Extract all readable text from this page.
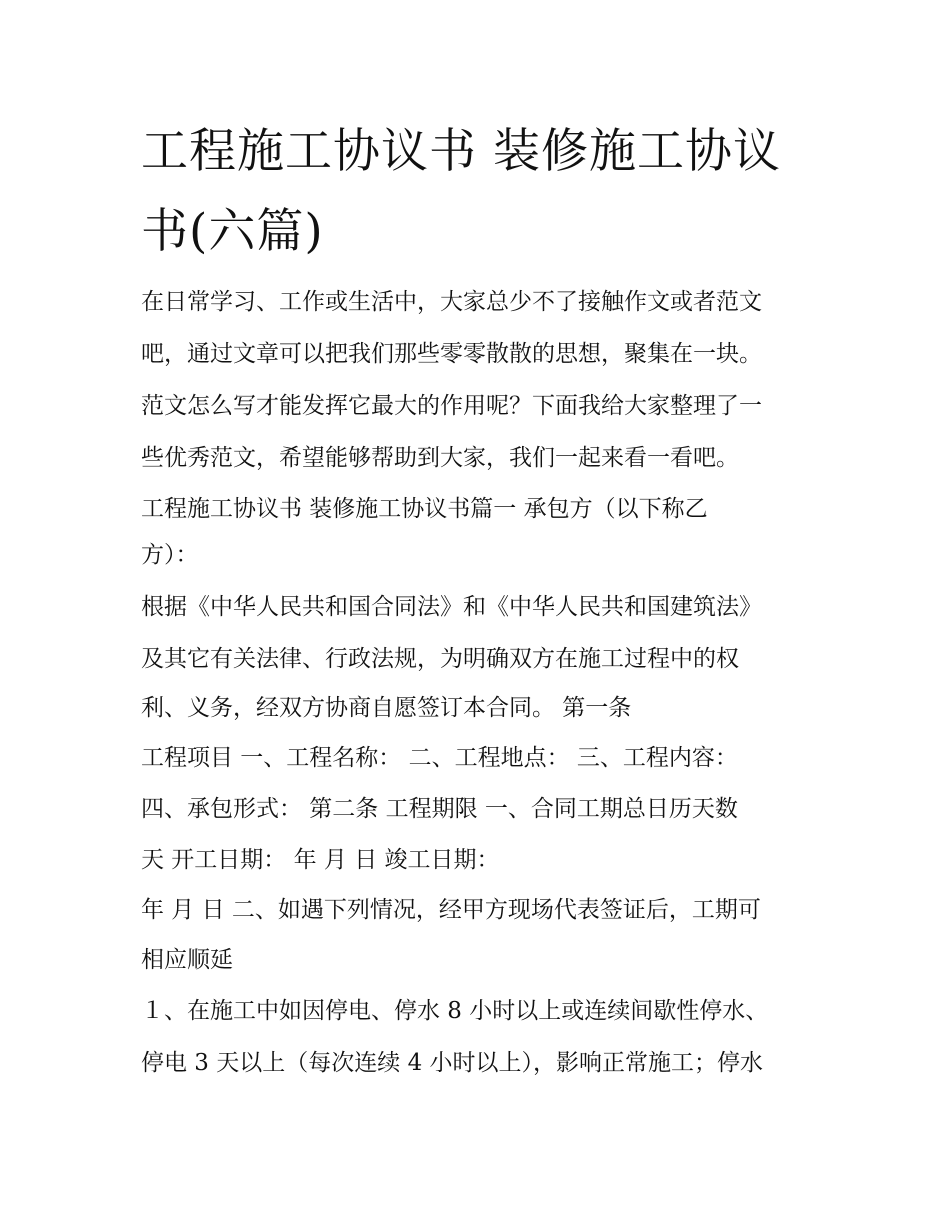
工程施工协议书 装修施工协议
书(六篇)

在日常学习、工作或生活中，大家总少不了接触作文或者范文

吧，通过文章可以把我们那些零零散散的思想，聚集在一块。

范文怎么写才能发挥它最大的作用呢？下面我给大家整理了一

些优秀范文，希望能够帮助到大家，我们一起来看一看吧。

工程施工协议书 装修施工协议书篇一 承包方（以下称乙

方）：

根据《中华人民共和国合同法》和《中华人民共和国建筑法》

及其它有关法律、行政法规，为明确双方在施工过程中的权

利、义务，经双方协商自愿签订本合同。 第一条

工程项目 一、工程名称： 二、工程地点： 三、工程内容：

四、承包形式： 第二条 工程期限 一、合同工期总日历天数

天 开工日期： 年 月 日 竣工日期：

年 月 日 二、如遇下列情况，经甲方现场代表签证后，工期可

相应顺延

１、在施工中如因停电、停水 8 小时以上或连续间歇性停水、

停电 3 天以上（每次连续 4 小时以上），影响正常施工；停水
